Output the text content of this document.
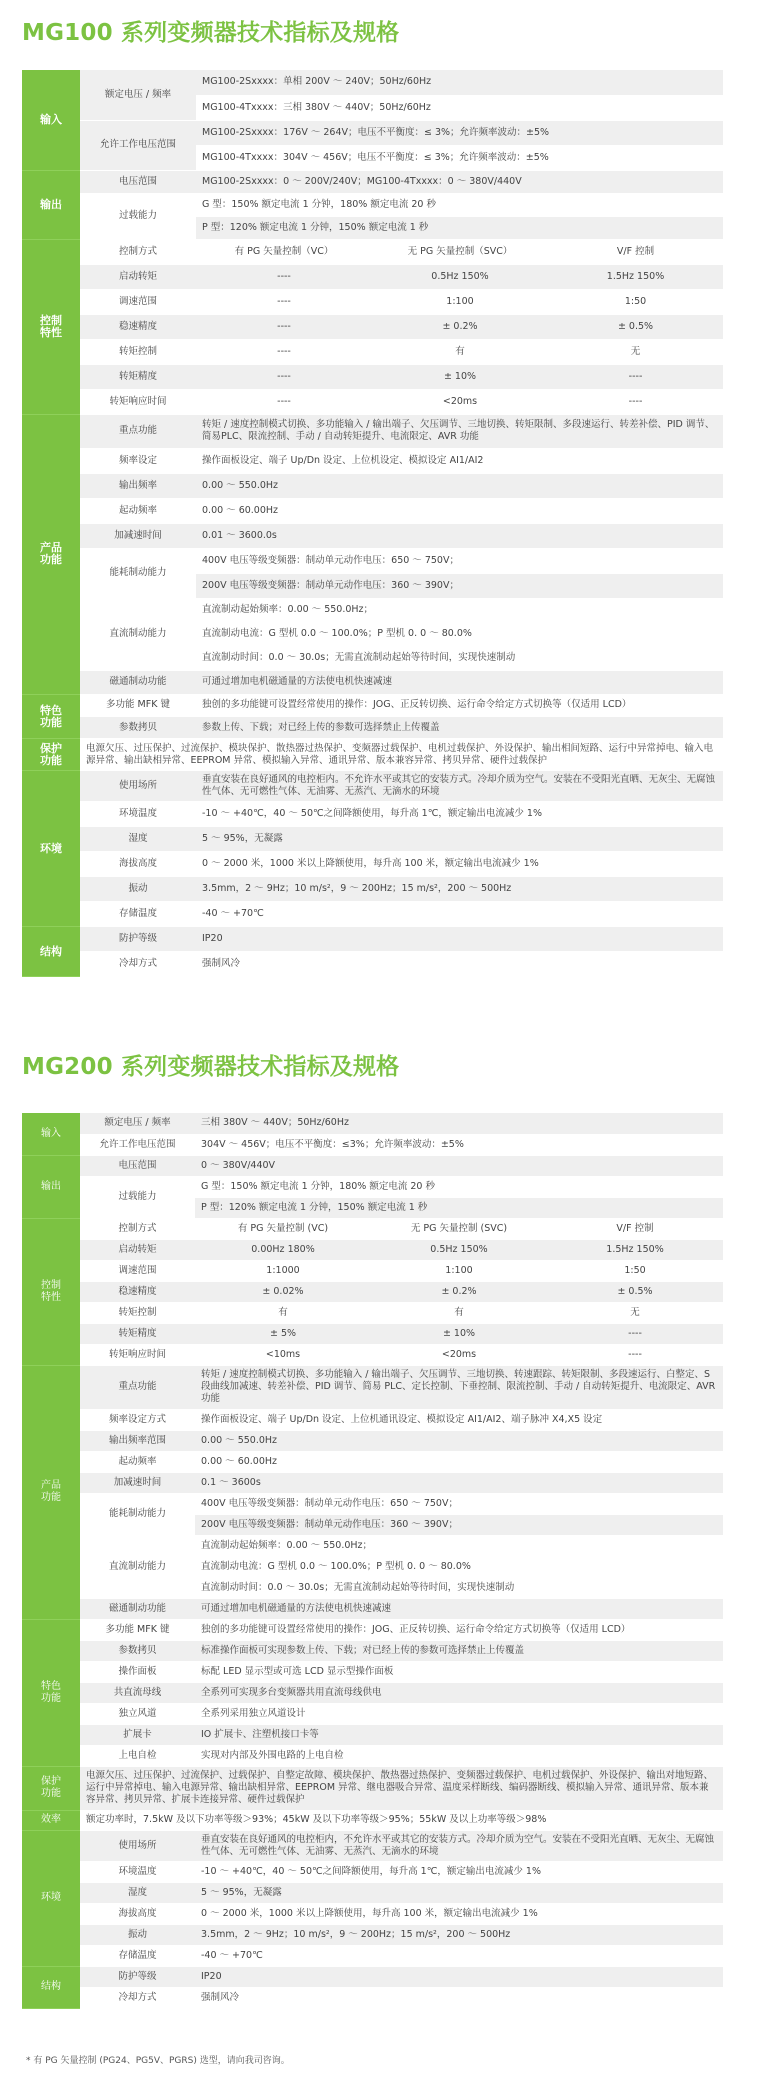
MG100 系列变频器技术指标及规格
输入	额定电压 / 频率	MG100-2Sxxxx：单相 200V ～ 240V；50Hz/60Hz		
		MG100-4Txxxx：三相 380V ～ 440V；50Hz/60Hz		
	允许工作电压范围	MG100-2Sxxxx：176V ～ 264V；电压不平衡度：≤ 3%；允许频率波动：±5%		
		MG100-4Txxxx：304V ～ 456V；电压不平衡度：≤ 3%；允许频率波动：±5%		
输出	电压范围	MG100-2Sxxxx：0 ～ 200V/240V；MG100-4Txxxx：0 ～ 380V/440V		
	过载能力	G 型：150% 额定电流 1 分钟，180% 额定电流 20 秒		
		P 型：120% 额定电流 1 分钟，150% 额定电流 1 秒		
控制
特性	控制方式	有 PG 矢量控制（VC）	无 PG 矢量控制（SVC）	V/F 控制
	启动转矩	----	0.5Hz 150%	1.5Hz 150%
	调速范围	----	1:100	1:50
	稳速精度	----	± 0.2%	± 0.5%
	转矩控制	----	有	无
	转矩精度	----	± 10%	----
	转矩响应时间	----	<20ms	----
产品
功能	重点功能	转矩 / 速度控制模式切换、多功能输入 / 输出端子、欠压调节、三地切换、转矩限制、多段速运行、转差补偿、PID 调节、简易PLC、限流控制、手动 / 自动转矩提升、电流限定、AVR 功能		
	频率设定	操作面板设定、端子 Up/Dn 设定、上位机设定、模拟设定 AI1/AI2		
	输出频率	0.00 ～ 550.0Hz		
	起动频率	0.00 ～ 60.00Hz		
	加减速时间	0.01 ～ 3600.0s		
	能耗制动能力	400V 电压等级变频器：制动单元动作电压：650 ～ 750V；		
		200V 电压等级变频器：制动单元动作电压：360 ～ 390V；		
	直流制动能力	直流制动起始频率：0.00 ～ 550.0Hz；		
		直流制动电流：G 型机 0.0 ～ 100.0%；P 型机 0. 0 ～ 80.0%		
		直流制动时间：0.0 ～ 30.0s；无需直流制动起始等待时间，实现快速制动		
	磁通制动功能	可通过增加电机磁通量的方法使电机快速减速		

特色
功能	多功能 MFK 键	独创的多功能键可设置经常使用的操作：JOG、正反转切换、运行命令给定方式切换等（仅适用 LCD）		
	参数拷贝	参数上传、下载；对已经上传的参数可选择禁止上传覆盖		
保护
功能	电源欠压、过压保护、过流保护、模块保护、散热器过热保护、变频器过载保护、电机过载保护、外设保护、输出相间短路、运行中异常掉电、输入电源异常、输出缺相异常、EEPROM 异常、模拟输入异常、通讯异常、版本兼容异常、拷贝异常、硬件过载保护			
环境	使用场所	垂直安装在良好通风的电控柜内。不允许水平或其它的安装方式。冷却介质为空气。安装在不受阳光直晒、无灰尘、无腐蚀性气体、无可燃性气体、无油雾、无蒸汽、无滴水的环境		
	环境温度	-10 ～ +40℃，40 ～ 50℃之间降额使用，每升高 1℃，额定输出电流减少 1%		
	湿度	5 ～ 95%，无凝露		
	海拔高度	0 ～ 2000 米，1000 米以上降额使用，每升高 100 米，额定输出电流减少 1%		
	振动	3.5mm，2 ～ 9Hz；10 m/s²，9 ～ 200Hz；15 m/s²，200 ～ 500Hz		
	存储温度	-40 ～ +70℃		
结构	防护等级	IP20		
	冷却方式	强制风冷		
MG200 系列变频器技术指标及规格
输入	额定电压 / 频率	三相 380V ～ 440V；50Hz/60Hz		
	允许工作电压范围	304V ～ 456V；电压不平衡度：≤3%；允许频率波动：±5%		
输出	电压范围	0 ～ 380V/440V		
	过载能力	G 型：150% 额定电流 1 分钟，180% 额定电流 20 秒		
		P 型：120% 额定电流 1 分钟，150% 额定电流 1 秒		
控制
特性	控制方式	有 PG 矢量控制 (VC)	无 PG 矢量控制 (SVC)	V/F 控制
	启动转矩	0.00Hz 180%	0.5Hz 150%	1.5Hz 150%
	调速范围	1:1000	1:100	1:50
	稳速精度	± 0.02%	± 0.2%	± 0.5%
	转矩控制	有	有	无
	转矩精度	± 5%	± 10%	----
	转矩响应时间	<10ms	<20ms	----
产品
功能	重点功能	转矩 / 速度控制模式切换、多功能输入 / 输出端子、欠压调节、三地切换、转速跟踪、转矩限制、多段速运行、白整定、S 段曲线加减速、转差补偿、PID 调节、简易 PLC、定长控制、下垂控制、限流控制、手动 / 自动转矩提升、电流限定、AVR 功能		
	频率设定方式	操作面板设定、端子 Up/Dn 设定、上位机通讯设定、模拟设定 AI1/AI2、端子脉冲 X4,X5 设定		
	输出频率范围	0.00 ～ 550.0Hz		
	起动频率	0.00 ～ 60.00Hz		
	加减速时间	0.1 ～ 3600s		
	能耗制动能力	400V 电压等级变频器：制动单元动作电压：650 ～ 750V；		
		200V 电压等级变频器：制动单元动作电压：360 ～ 390V；		
	直流制动能力	直流制动起始频率：0.00 ～ 550.0Hz；		
		直流制动电流：G 型机 0.0 ～ 100.0%；P 型机 0. 0 ～ 80.0%		
		直流制动时间：0.0 ～ 30.0s；无需直流制动起始等待时间，实现快速制动		
	磁通制动功能	可通过增加电机磁通量的方法使电机快速减速		
特色
功能	多功能 MFK 键	独创的多功能键可设置经常使用的操作：JOG、正反转切换、运行命令给定方式切换等（仅适用 LCD）		
	参数拷贝	标准操作面板可实现参数上传、下载；对已经上传的参数可选择禁止上传覆盖		
	操作面板	标配 LED 显示型或可选 LCD 显示型操作面板		
	共直流母线	全系列可实现多台变频器共用直流母线供电		
	独立风道	全系列采用独立风道设计		
	扩展卡	IO 扩展卡、注塑机接口卡等		
	上电自检	实现对内部及外围电路的上电自检		
保护
功能	电源欠压、过压保护、过流保护、过载保护、自整定故障、模块保护、散热器过热保护、变频器过载保护、电机过载保护、外设保护、输出对地短路、运行中异常掉电、输入电源异常、输出缺相异常、EEPROM 异常、继电器吸合异常、温度采样断线、编码器断线、模拟输入异常、通讯异常、版本兼容异常、拷贝异常、扩展卡连接异常、硬件过载保护			
效率	额定功率时，7.5kW 及以下功率等级＞93%；45kW 及以下功率等级＞95%；55kW 及以上功率等级＞98%			
环境	使用场所	垂直安装在良好通风的电控柜内，不允许水平或其它的安装方式。冷却介质为空气。安装在不受阳光直晒、无灰尘、无腐蚀性气体、无可燃性气体、无油雾、无蒸汽、无滴水的环境		
	环境温度	-10 ～ +40℃，40 ～ 50℃之间降额使用，每升高 1℃，额定输出电流减少 1%		
	湿度	5 ～ 95%，无凝露		
	海拔高度	0 ～ 2000 米，1000 米以上降额使用，每升高 100 米，额定输出电流减少 1%		
	振动	3.5mm，2 ～ 9Hz；10 m/s²，9 ～ 200Hz；15 m/s²，200 ～ 500Hz		
	存储温度	-40 ～ +70℃		
结构	防护等级	IP20		
	冷却方式	强制风冷		
* 有 PG 矢量控制 (PG24、PG5V、PGRS) 选型，请向我司咨询。
